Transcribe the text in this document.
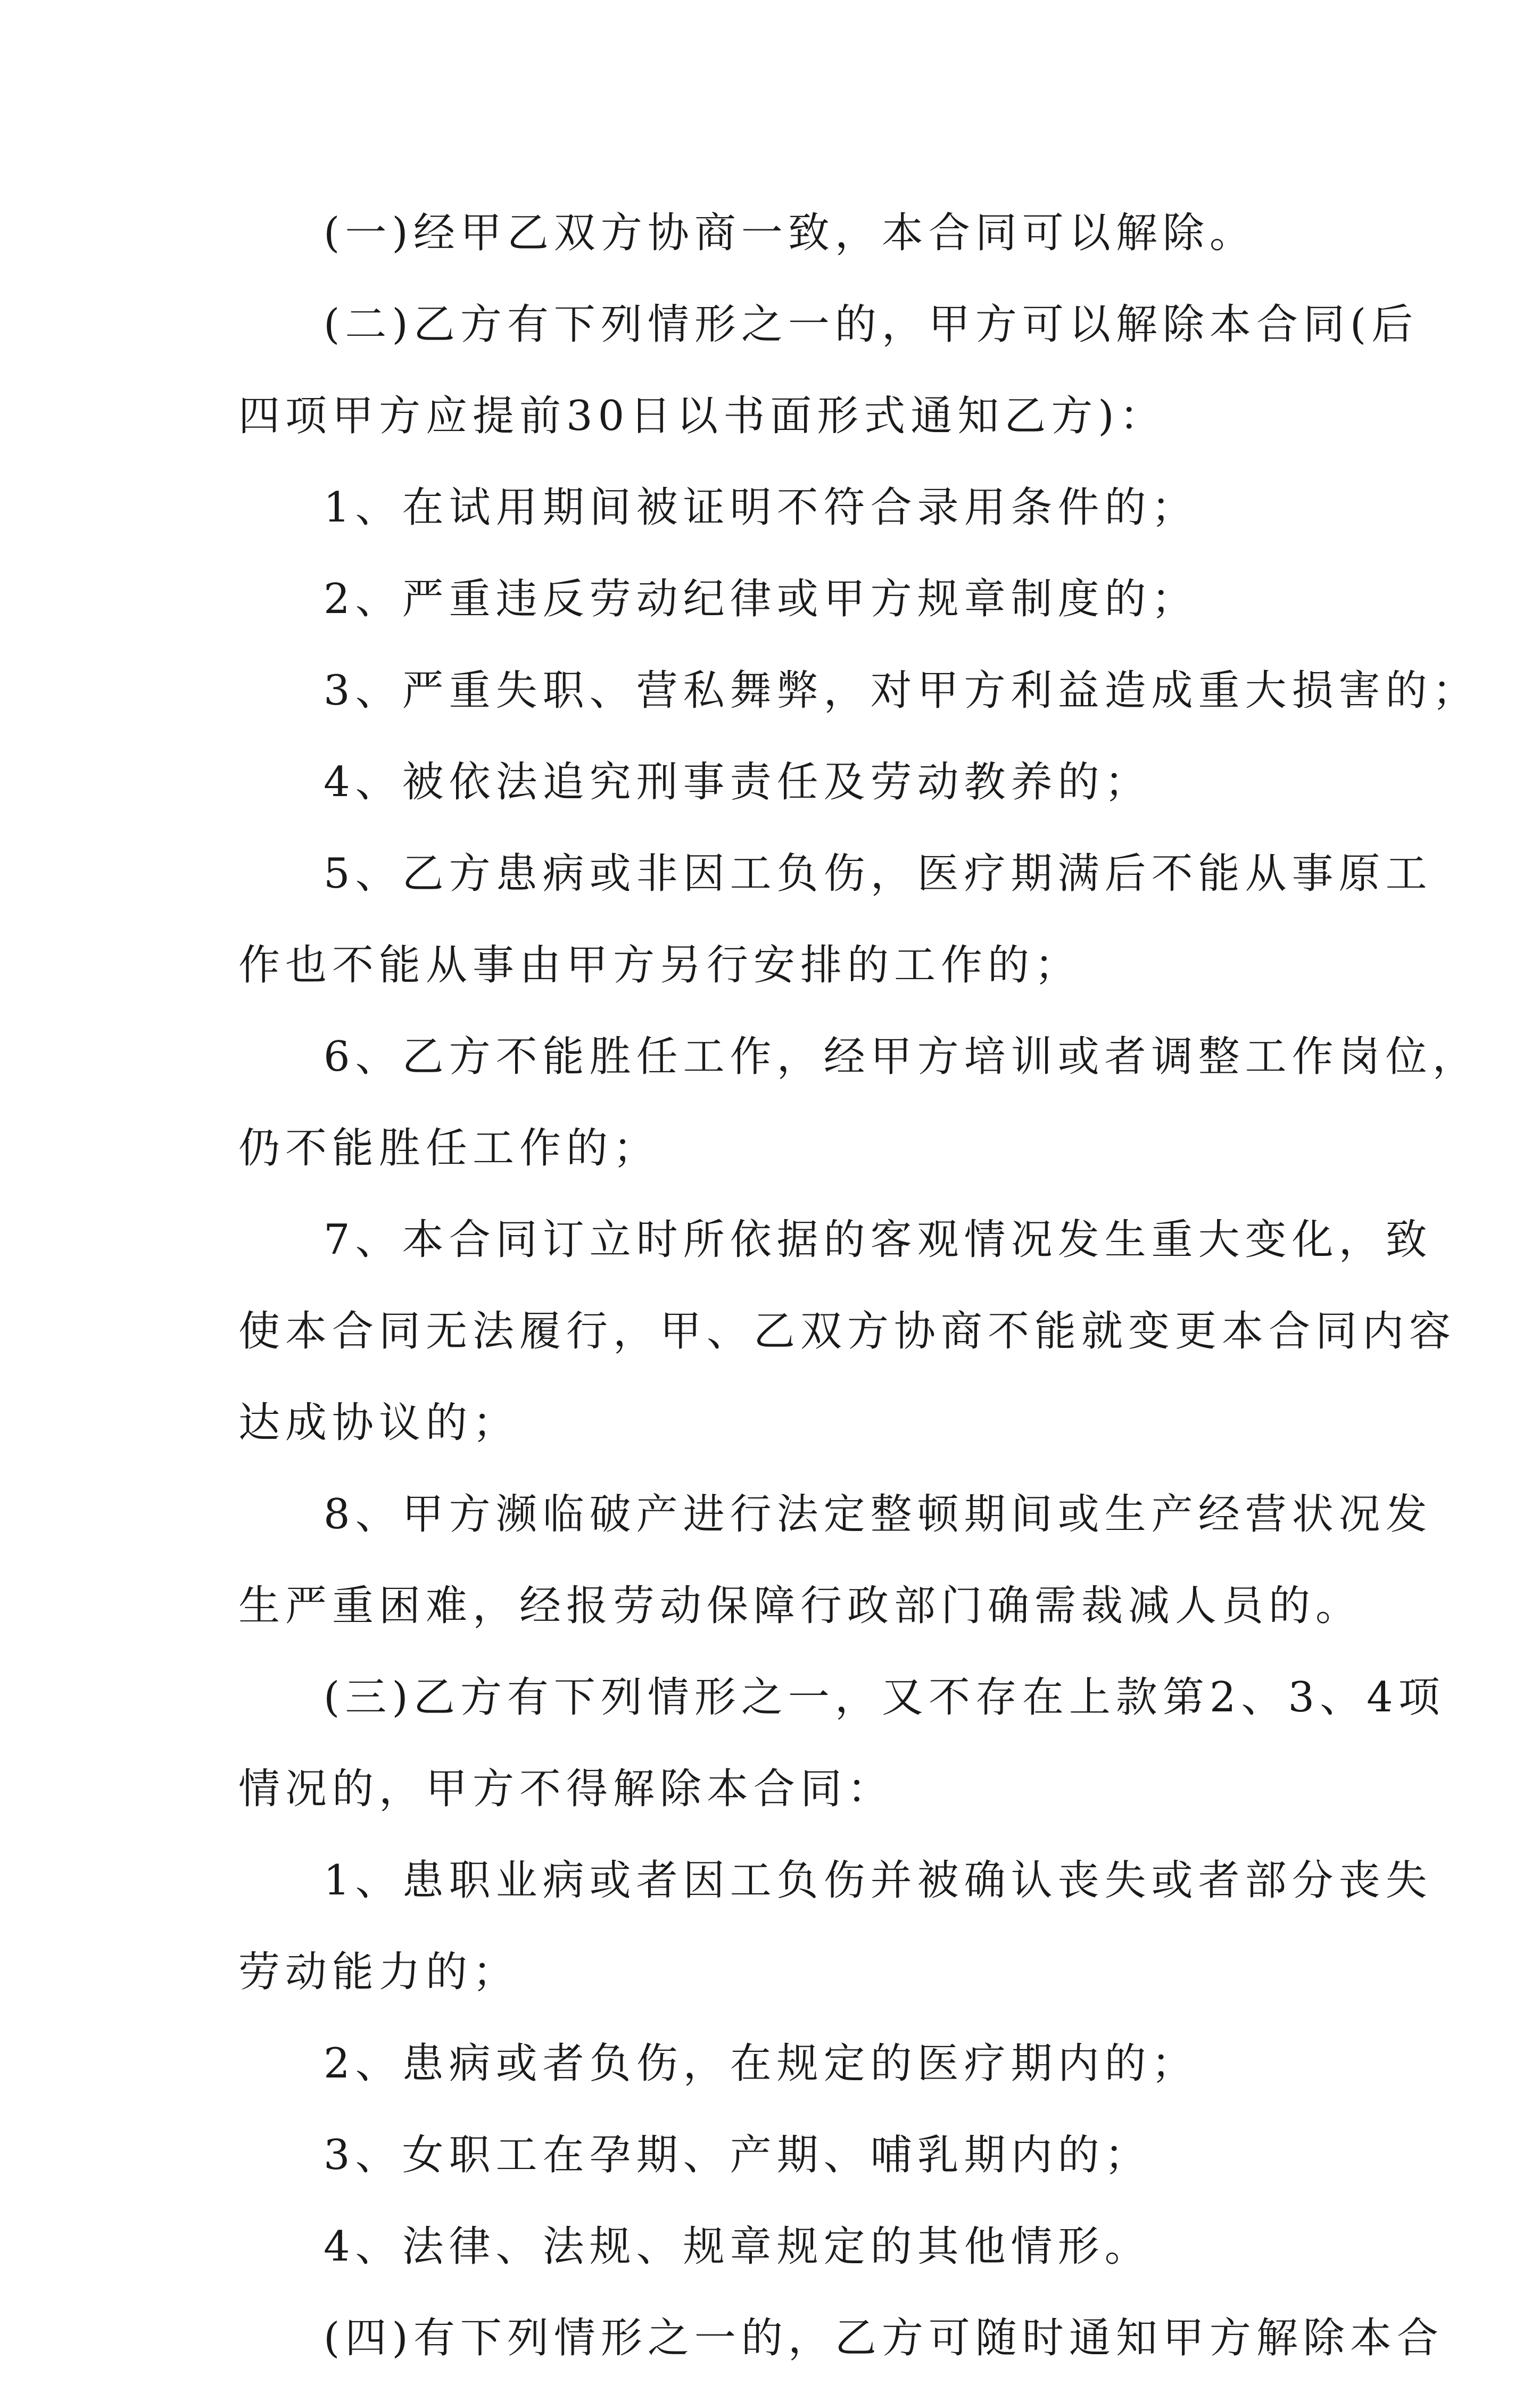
(一)经甲乙双方协商一致，本合同可以解除。
(二)乙方有下列情形之一的，甲方可以解除本合同(后
四项甲方应提前30日以书面形式通知乙方)：
1、在试用期间被证明不符合录用条件的；
2、严重违反劳动纪律或甲方规章制度的；
3、严重失职、营私舞弊，对甲方利益造成重大损害的；
4、被依法追究刑事责任及劳动教养的；
5、乙方患病或非因工负伤，医疗期满后不能从事原工
作也不能从事由甲方另行安排的工作的；
6、乙方不能胜任工作，经甲方培训或者调整工作岗位，
仍不能胜任工作的；
7、本合同订立时所依据的客观情况发生重大变化，致
使本合同无法履行，甲、乙双方协商不能就变更本合同内容
达成协议的；
8、甲方濒临破产进行法定整顿期间或生产经营状况发
生严重困难，经报劳动保障行政部门确需裁减人员的。
(三)乙方有下列情形之一，又不存在上款第2、3、4项
情况的，甲方不得解除本合同：
1、患职业病或者因工负伤并被确认丧失或者部分丧失
劳动能力的；
2、患病或者负伤，在规定的医疗期内的；
3、女职工在孕期、产期、哺乳期内的；
4、法律、法规、规章规定的其他情形。
(四)有下列情形之一的，乙方可随时通知甲方解除本合
